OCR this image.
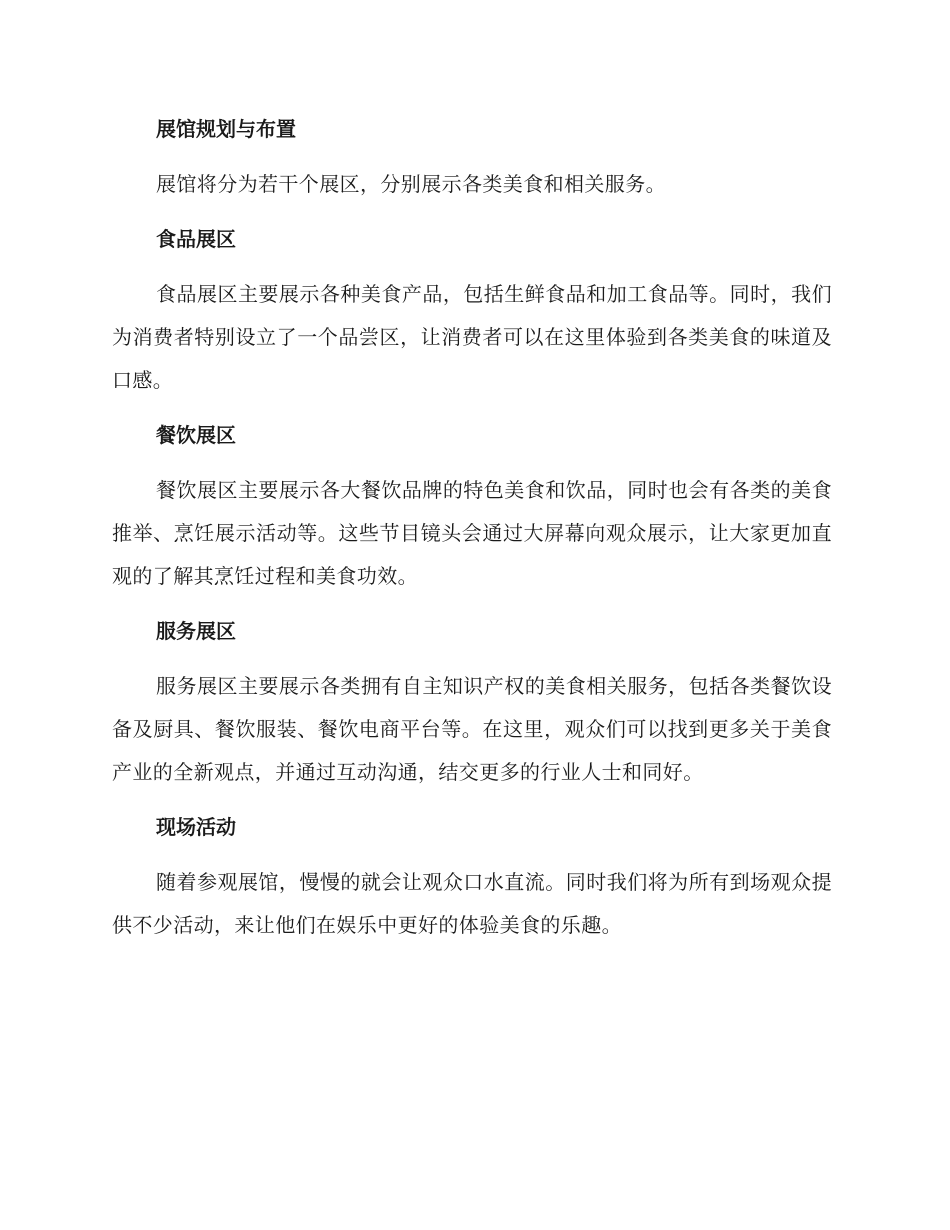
展馆规划与布置
展馆将分为若干个展区，分别展示各类美食和相关服务。
食品展区
食品展区主要展示各种美食产品，包括生鲜食品和加工食品等。同时，我们为消费者特别设立了一个品尝区，让消费者可以在这里体验到各类美食的味道及口感。
餐饮展区
餐饮展区主要展示各大餐饮品牌的特色美食和饮品，同时也会有各类的美食推举、烹饪展示活动等。这些节目镜头会通过大屏幕向观众展示，让大家更加直观的了解其烹饪过程和美食功效。
服务展区
服务展区主要展示各类拥有自主知识产权的美食相关服务，包括各类餐饮设备及厨具、餐饮服装、餐饮电商平台等。在这里，观众们可以找到更多关于美食产业的全新观点，并通过互动沟通，结交更多的行业人士和同好。
现场活动
随着参观展馆，慢慢的就会让观众口水直流。同时我们将为所有到场观众提供不少活动，来让他们在娱乐中更好的体验美食的乐趣。
